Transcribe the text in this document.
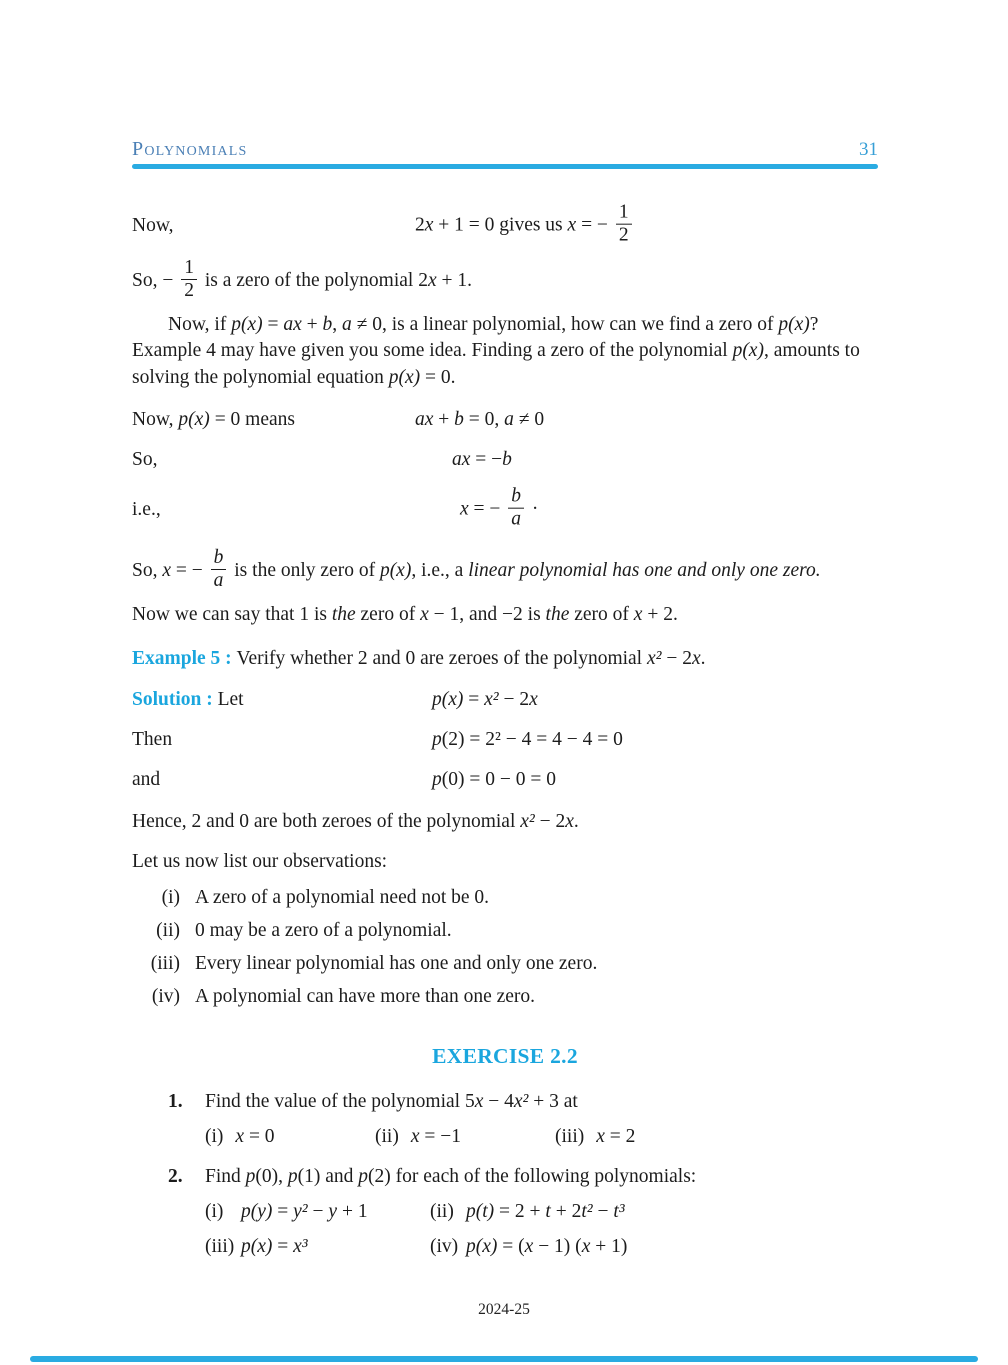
Polynomials	31
Now,	2x + 1 = 0 gives us x = − $\frac{1}{2}$
So, − $\frac{1}{2}$ is a zero of the polynomial 2x + 1.
Now, if p(x) = ax + b, a ≠ 0, is a linear polynomial, how can we find a zero of p(x)? Example 4 may have given you some idea. Finding a zero of the polynomial p(x), amounts to solving the polynomial equation p(x) = 0.
Now, p(x) = 0 means	ax + b = 0, a ≠ 0
So,	ax = −b
i.e.,	x = − $\frac{b}{a}$ ·
So, x = − $\frac{b}{a}$ is the only zero of p(x), i.e., a linear polynomial has one and only one zero.
Now we can say that 1 is the zero of x − 1, and −2 is the zero of x + 2.
Example 5 : Verify whether 2 and 0 are zeroes of the polynomial x² − 2x.
Solution : Let	p(x) = x² − 2x
Then	p(2) = 2² − 4 = 4 − 4 = 0
and	p(0) = 0 − 0 = 0
Hence, 2 and 0 are both zeroes of the polynomial x² − 2x.
Let us now list our observations:
(i) A zero of a polynomial need not be 0.
(ii) 0 may be a zero of a polynomial.
(iii) Every linear polynomial has one and only one zero.
(iv) A polynomial can have more than one zero.
EXERCISE 2.2
1.	Find the value of the polynomial 5x − 4x² + 3 at
(i) x = 0	(ii) x = −1	(iii) x = 2
2.	Find p(0), p(1) and p(2) for each of the following polynomials:
(i) p(y) = y² − y + 1	(ii) p(t) = 2 + t + 2t² − t³
(iii) p(x) = x³	(iv) p(x) = (x − 1) (x + 1)
2024-25
